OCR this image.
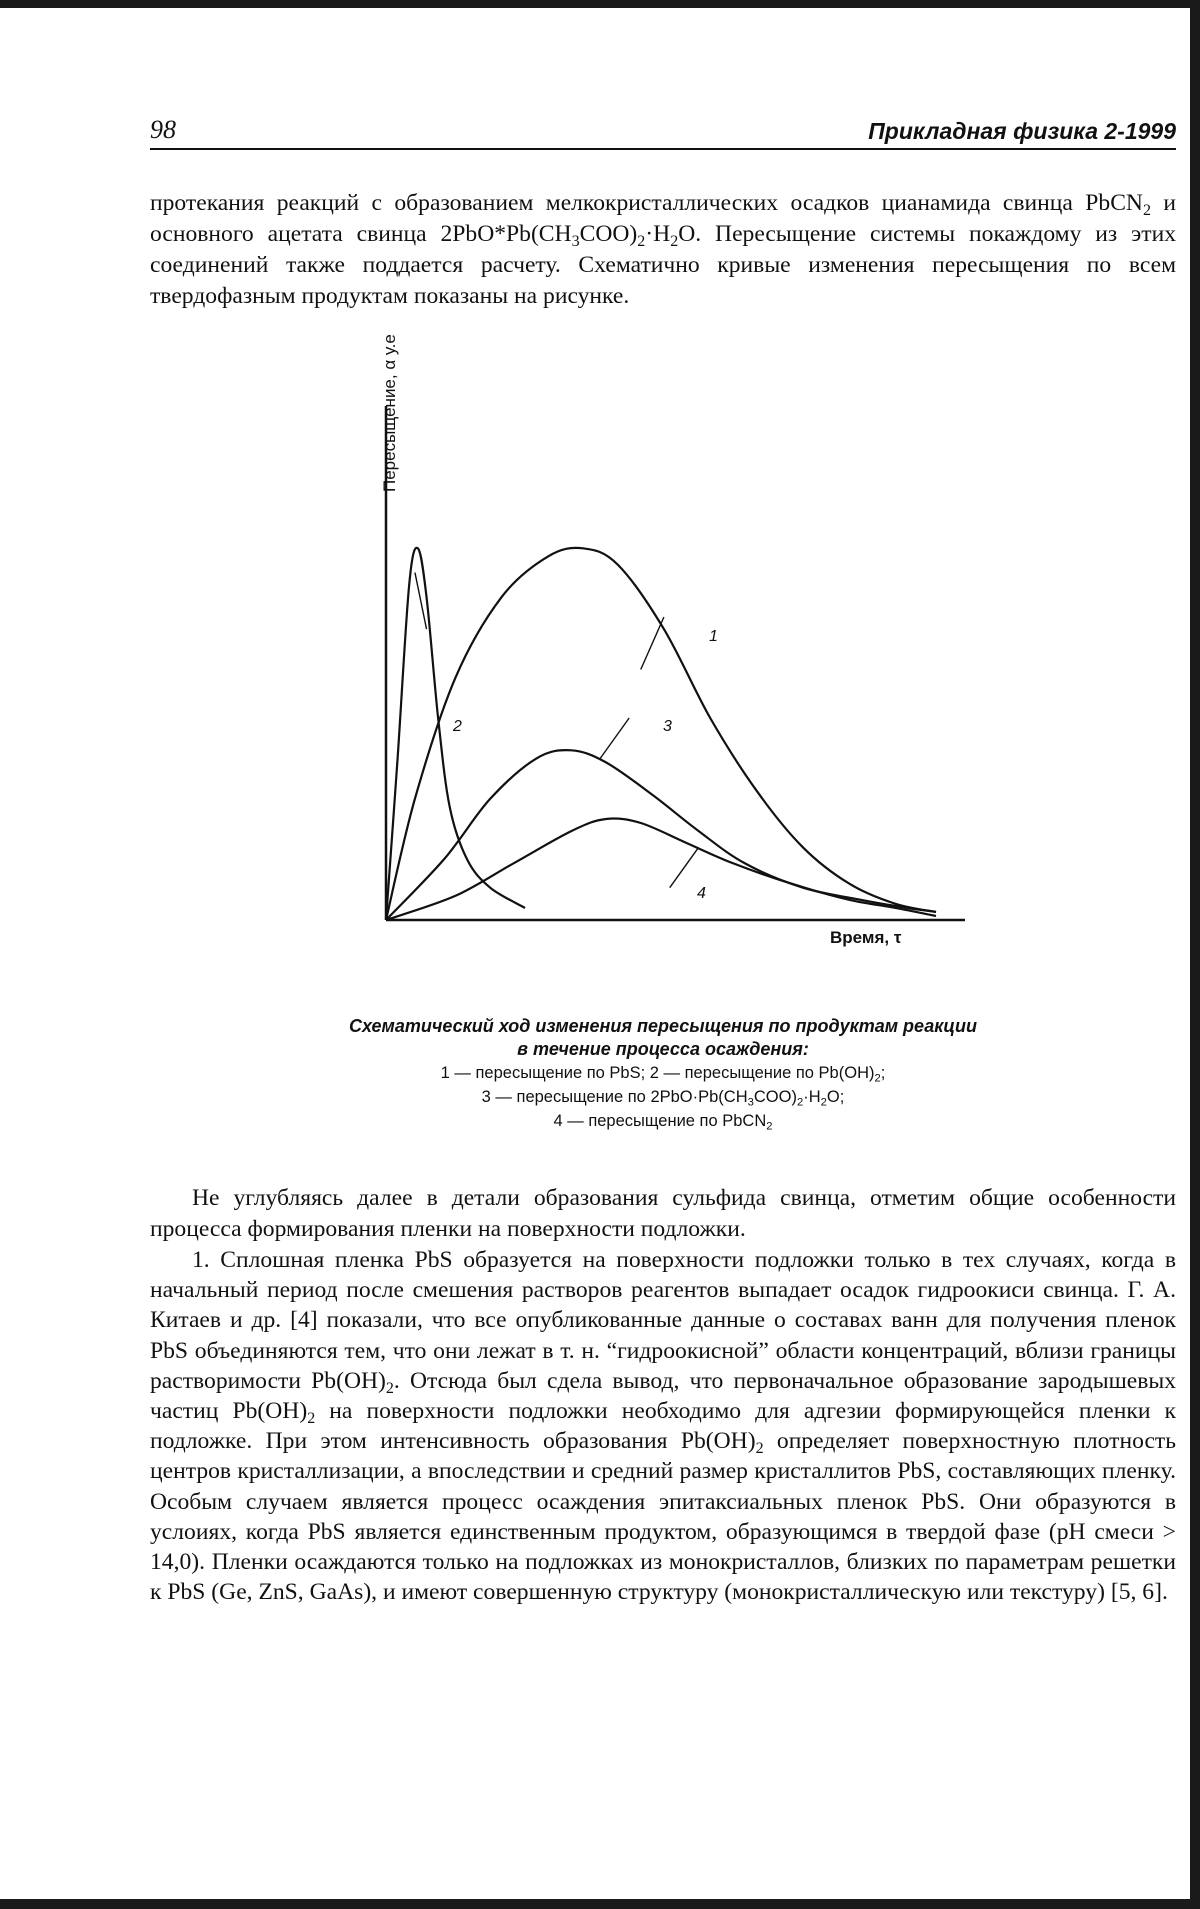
98	Прикладная физика 2-1999

протекания реакций с образованием мелкокристаллических осадков цианамида свинца PbCN$_2$ и основного ацетата свинца $2PbO*Pb(CH_3COO)_2\cdot H_2O$. Пересыщение системы покаждому из этих соединений также поддается расчету. Схематично кривые изменения пересыщения по всем твердофазным продуктам показаны на рисунке.

Пересыщение, α у.е
Время, τ
1
2	3
4
Схематический ход изменения пересыщения по продуктам реакции
в течение процесса осаждения:
1 — пересыщение по PbS; 2 — пересыщение по $Pb(OH)_2$;
3 — пересыщение по $2PbO\cdot Pb(CH_3COO)_2\cdot H_2O$;
4 — пересыщение по PbCN$_2$

Не углубляясь далее в детали образования сульфида свинца, отметим общие особенности процесса формирования пленки на поверхности подложки.

1. Сплошная пленка PbS образуется на поверхности подложки только в тех случаях, когда в начальный период после смешения растворов реагентов выпадает осадок гидроокиси свинца. Г. А. Китаев и др. [4] показали, что все опубликованные данные о составах ванн для получения пленок PbS объединяются тем, что они лежат в т. н. “гидроокисной” области концентраций, вблизи границы растворимости $Pb(OH)_2$. Отсюда был сдела вывод, что первоначальное образование зародышевых частиц $Pb(OH)_2$ на поверхности подложки необходимо для адгезии формирующейся пленки к подложке. При этом интенсивность образования $Pb(OH)_2$ определяет поверхностную плотность центров кристаллизации, а впоследствии и средний размер кристаллитов PbS, составляющих пленку. Особым случаем является процесс осаждения эпитаксиальных пленок PbS. Они образуются в услоиях, когда PbS является единственным продуктом, образующимся в твердой фазе (pH смеси > 14,0). Пленки осаждаются только на подложках из монокристаллов, близких по параметрам решетки к PbS (Ge, ZnS, GaAs), и имеют совершенную структуру (монокристаллическую или текстуру) [5, 6].
